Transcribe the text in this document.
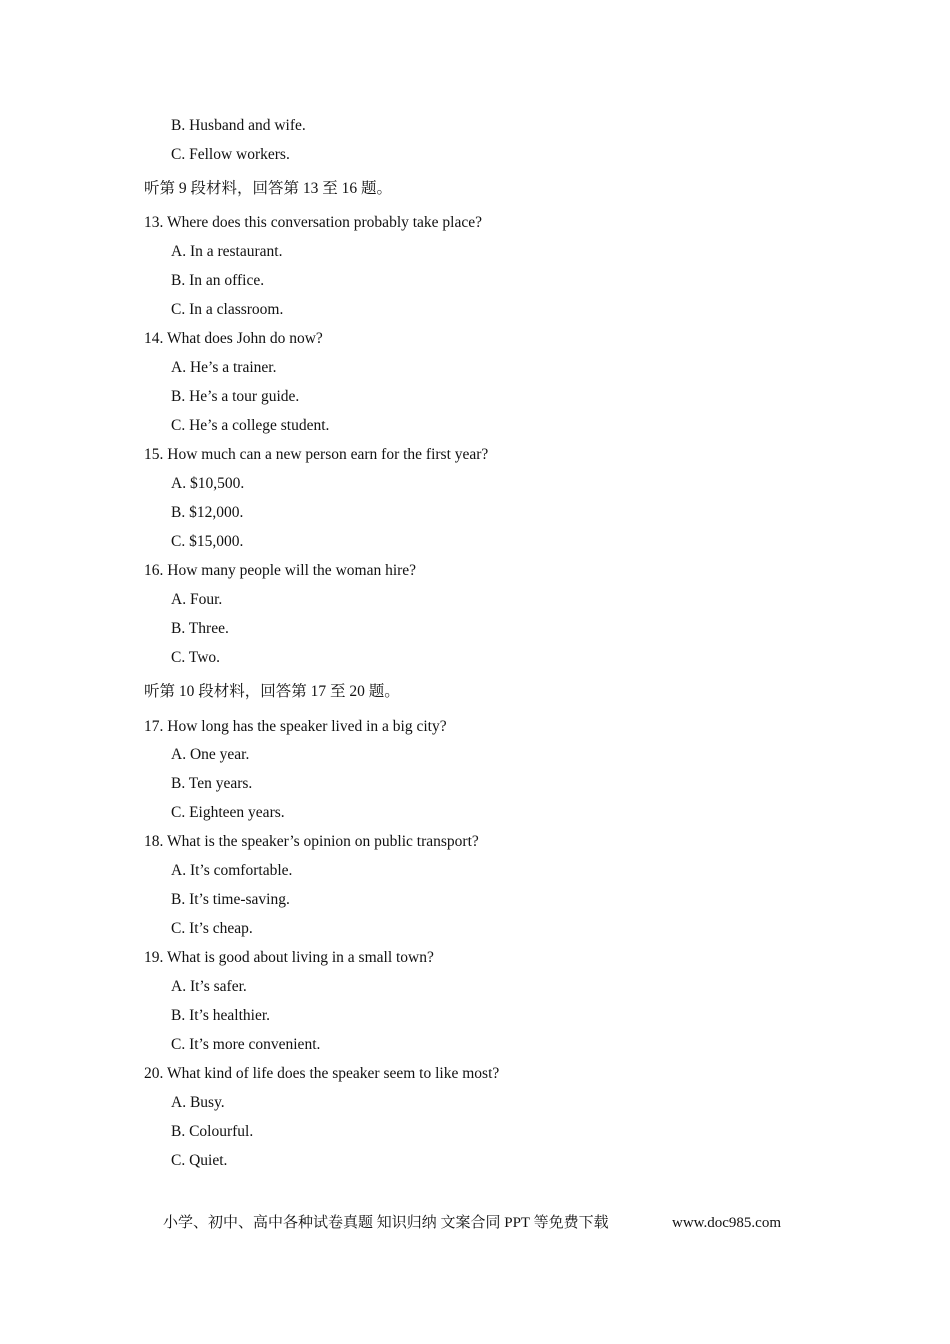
B. Husband and wife.
C. Fellow workers.
听第 9 段材料，回答第 13 至 16 题。
13. Where does this conversation probably take place?
A. In a restaurant.
B. In an office.
C. In a classroom.
14. What does John do now?
A. He’s a trainer.
B. He’s a tour guide.
C. He’s a college student.
15. How much can a new person earn for the first year?
A. $10,500.
B. $12,000.
C. $15,000.
16. How many people will the woman hire?
A. Four.
B. Three.
C. Two.
听第 10 段材料，回答第 17 至 20 题。
17. How long has the speaker lived in a big city?
A. One year.
B. Ten years.
C. Eighteen years.
18. What is the speaker’s opinion on public transport?
A. It’s comfortable.
B. It’s time-saving.
C. It’s cheap.
19. What is good about living in a small town?
A. It’s safer.
B. It’s healthier.
C. It’s more convenient.
20. What kind of life does the speaker seem to like most?
A. Busy.
B. Colourful.
C. Quiet.
小学、初中、高中各种试卷真题 知识归纳 文案合同 PPT 等免费下载	www.doc985.com
